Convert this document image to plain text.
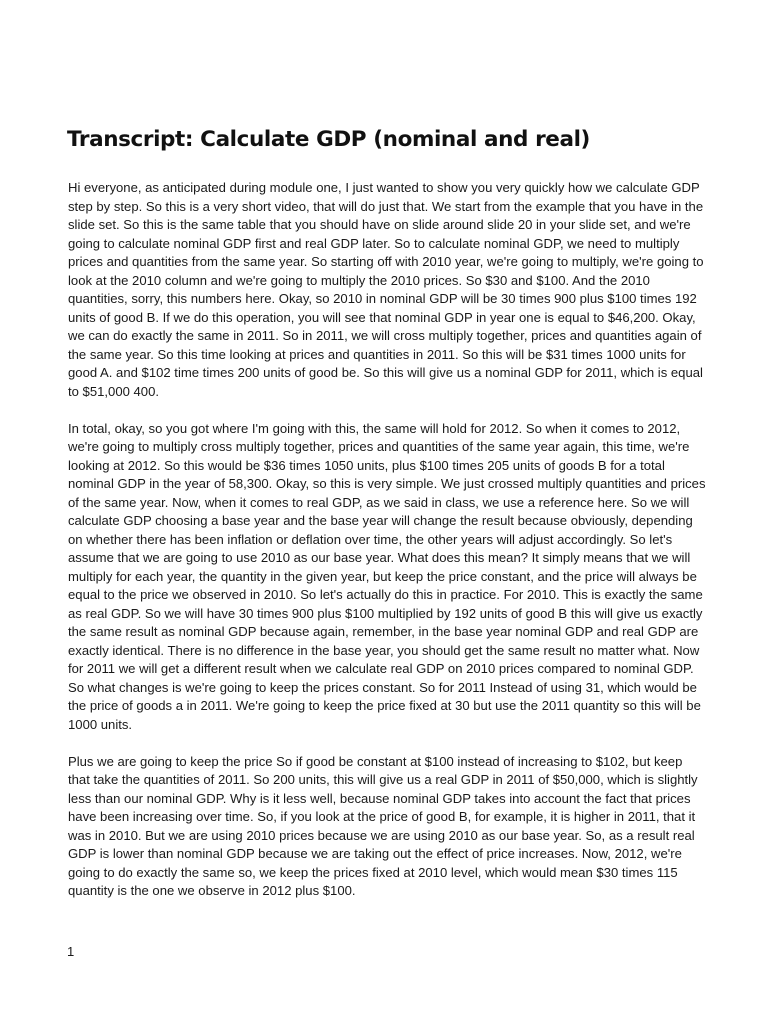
Transcript: Calculate GDP (nominal and real)

Hi everyone, as anticipated during module one, I just wanted to show you very quickly how we calculate GDP step by step. So this is a very short video, that will do just that. We start from the example that you have in the slide set. So this is the same table that you should have on slide around slide 20 in your slide set, and we're going to calculate nominal GDP first and real GDP later. So to calculate nominal GDP, we need to multiply prices and quantities from the same year. So starting off with 2010 year, we're going to multiply, we're going to look at the 2010 column and we're going to multiply the 2010 prices. So $30 and $100. And the 2010 quantities, sorry, this numbers here. Okay, so 2010 in nominal GDP will be 30 times 900 plus $100 times 192 units of good B. If we do this operation, you will see that nominal GDP in year one is equal to $46,200. Okay, we can do exactly the same in 2011. So in 2011, we will cross multiply together, prices and quantities again of the same year. So this time looking at prices and quantities in 2011. So this will be $31 times 1000 units for good A. and $102 time times 200 units of good be. So this will give us a nominal GDP for 2011, which is equal to $51,000 400.

In total, okay, so you got where I'm going with this, the same will hold for 2012. So when it comes to 2012, we're going to multiply cross multiply together, prices and quantities of the same year again, this time, we're looking at 2012. So this would be $36 times 1050 units, plus $100 times 205 units of goods B for a total nominal GDP in the year of 58,300. Okay, so this is very simple. We just crossed multiply quantities and prices of the same year. Now, when it comes to real GDP, as we said in class, we use a reference here. So we will calculate GDP choosing a base year and the base year will change the result because obviously, depending on whether there has been inflation or deflation over time, the other years will adjust accordingly. So let's assume that we are going to use 2010 as our base year. What does this mean? It simply means that we will multiply for each year, the quantity in the given year, but keep the price constant, and the price will always be equal to the price we observed in 2010. So let's actually do this in practice. For 2010. This is exactly the same as real GDP. So we will have 30 times 900 plus $100 multiplied by 192 units of good B this will give us exactly the same result as nominal GDP because again, remember, in the base year nominal GDP and real GDP are exactly identical. There is no difference in the base year, you should get the same result no matter what. Now for 2011 we will get a different result when we calculate real GDP on 2010 prices compared to nominal GDP. So what changes is we're going to keep the prices constant. So for 2011 Instead of using 31, which would be the price of goods a in 2011. We're going to keep the price fixed at 30 but use the 2011 quantity so this will be 1000 units.

Plus we are going to keep the price So if good be constant at $100 instead of increasing to $102, but keep that take the quantities of 2011. So 200 units, this will give us a real GDP in 2011 of $50,000, which is slightly less than our nominal GDP. Why is it less well, because nominal GDP takes into account the fact that prices have been increasing over time. So, if you look at the price of good B, for example, it is higher in 2011, that it was in 2010. But we are using 2010 prices because we are using 2010 as our base year. So, as a result real GDP is lower than nominal GDP because we are taking out the effect of price increases. Now, 2012, we're going to do exactly the same so, we keep the prices fixed at 2010 level, which would mean $30 times 115 quantity is the one we observe in 2012 plus $100.

1
